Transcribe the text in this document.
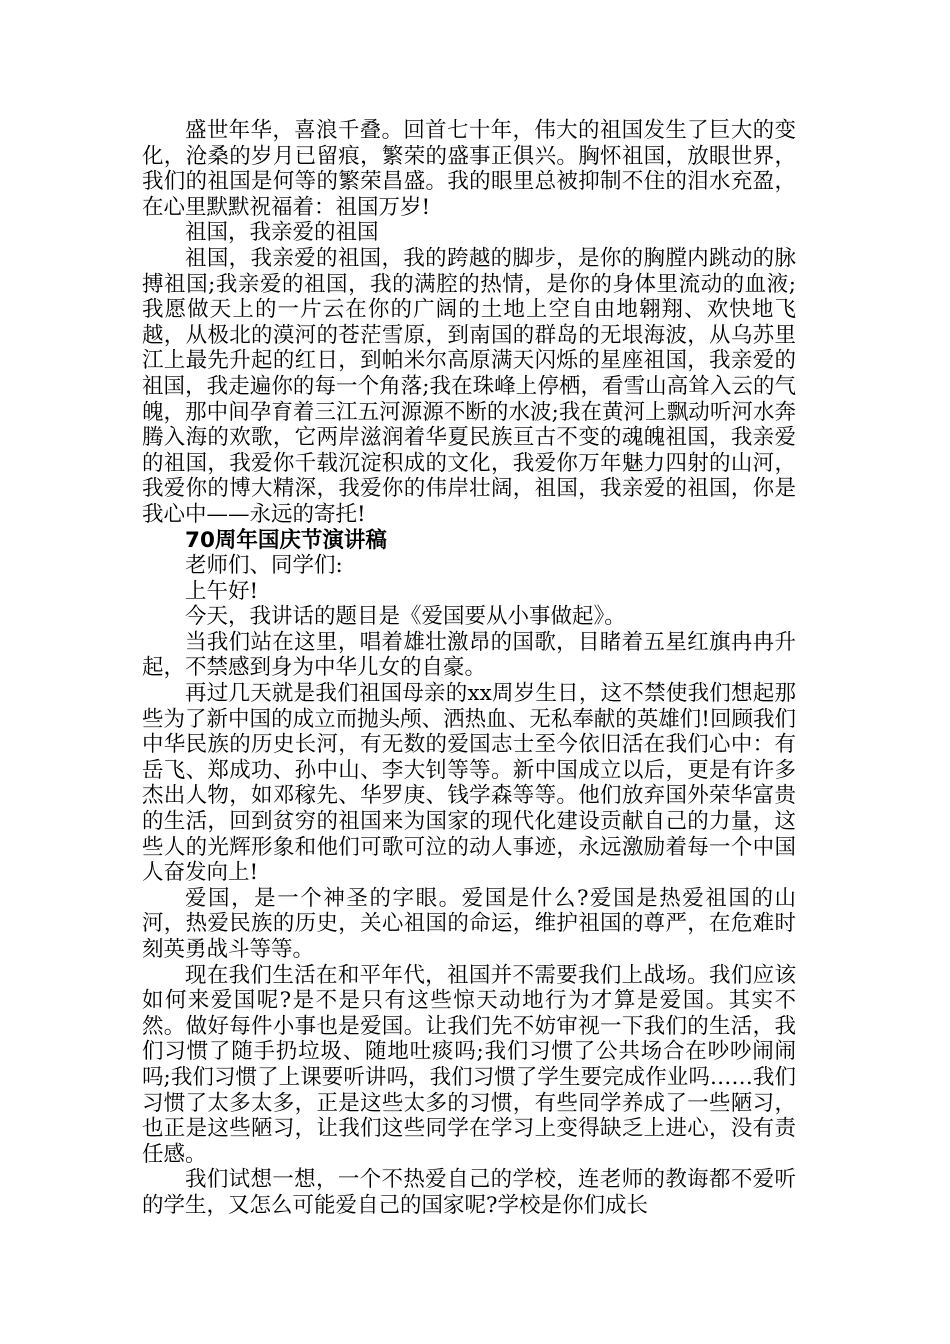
盛世年华，喜浪千叠。回首七十年，伟大的祖国发生了巨大的变化，沧桑的岁月已留痕，繁荣的盛事正俱兴。胸怀祖国，放眼世界，我们的祖国是何等的繁荣昌盛。我的眼里总被抑制不住的泪水充盈，在心里默默祝福着：祖国万岁!

祖国，我亲爱的祖国

祖国，我亲爱的祖国，我的跨越的脚步，是你的胸膛内跳动的脉搏祖国;我亲爱的祖国，我的满腔的热情，是你的身体里流动的血液;我愿做天上的一片云在你的广阔的土地上空自由地翱翔、欢快地飞越，从极北的漠河的苍茫雪原，到南国的群岛的无垠海波，从乌苏里江上最先升起的红日，到帕米尔高原满天闪烁的星座祖国，我亲爱的祖国，我走遍你的每一个角落;我在珠峰上停栖，看雪山高耸入云的气魄，那中间孕育着三江五河源源不断的水波;我在黄河上飘动听河水奔腾入海的欢歌，它两岸滋润着华夏民族亘古不变的魂魄祖国，我亲爱的祖国，我爱你千载沉淀积成的文化，我爱你万年魅力四射的山河，我爱你的博大精深，我爱你的伟岸壮阔，祖国，我亲爱的祖国，你是我心中——永远的寄托!

70周年国庆节演讲稿

老师们、同学们:

上午好!

今天，我讲话的题目是《爱国要从小事做起》。

当我们站在这里，唱着雄壮激昂的国歌，目睹着五星红旗冉冉升起，不禁感到身为中华儿女的自豪。

再过几天就是我们祖国母亲的xx周岁生日，这不禁使我们想起那些为了新中国的成立而抛头颅、洒热血、无私奉献的英雄们!回顾我们中华民族的历史长河，有无数的爱国志士至今依旧活在我们心中：有岳飞、郑成功、孙中山、李大钊等等。新中国成立以后，更是有许多杰出人物，如邓稼先、华罗庚、钱学森等等。他们放弃国外荣华富贵的生活，回到贫穷的祖国来为国家的现代化建设贡献自己的力量，这些人的光辉形象和他们可歌可泣的动人事迹，永远激励着每一个中国人奋发向上!

爱国，是一个神圣的字眼。爱国是什么?爱国是热爱祖国的山河，热爱民族的历史，关心祖国的命运，维护祖国的尊严，在危难时刻英勇战斗等等。

现在我们生活在和平年代，祖国并不需要我们上战场。我们应该如何来爱国呢?是不是只有这些惊天动地行为才算是爱国。其实不然。做好每件小事也是爱国。让我们先不妨审视一下我们的生活，我们习惯了随手扔垃圾、随地吐痰吗;我们习惯了公共场合在吵吵闹闹吗;我们习惯了上课要听讲吗，我们习惯了学生要完成作业吗……我们习惯了太多太多，正是这些太多的习惯，有些同学养成了一些陋习，也正是这些陋习，让我们这些同学在学习上变得缺乏上进心，没有责任感。

我们试想一想，一个不热爱自己的学校，连老师的教诲都不爱听的学生，又怎么可能爱自己的国家呢?学校是你们成长
